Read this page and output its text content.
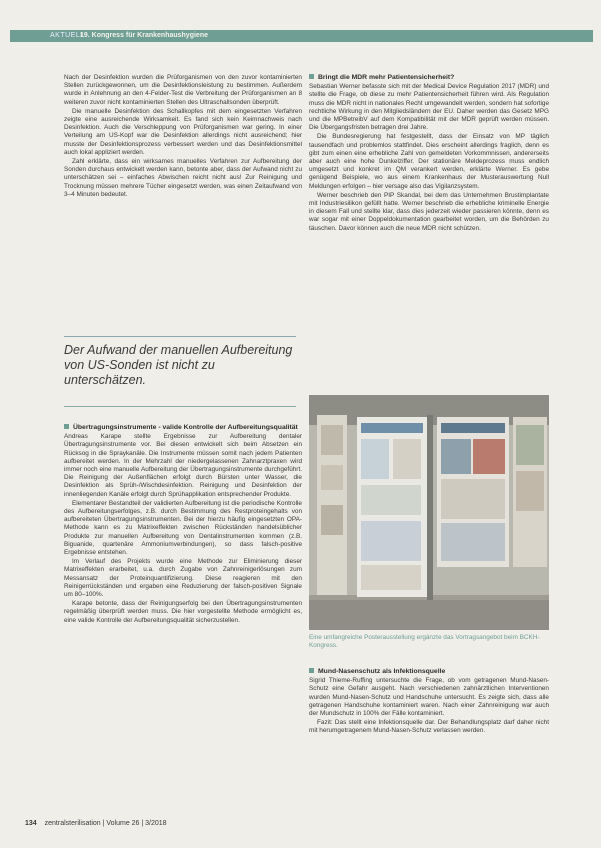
AKTUELL
19. Kongress für Krankenhaushygiene

Nach der Desinfektion wurden die Prüforganismen von den zuvor kontaminierten Stellen zurückgewonnen, um die Desinfektionsleistung zu bestimmen. Außerdem wurde in Anlehnung an den 4-Felder-Test die Verbreitung der Prüforganismen an 8 weiteren zuvor nicht kontaminierten Stellen des Ultraschallsonden überprüft.

Die manuelle Desinfektion des Schallkopfes mit dem eingesetzten Verfahren zeigte eine ausreichende Wirksamkeit. Es fand sich kein Keimnachweis nach Desinfektion. Auch die Verschleppung von Prüforganismen war gering. In einer Verteilung am US-Kopf war die Desinfektion allerdings nicht ausreichend; hier musste der Desinfektionsprozess verbessert werden und das Desinfektionsmittel auch lokal appliziert werden.

Zahl erklärte, dass ein wirksames manuelles Verfahren zur Aufbereitung der Sonden durchaus entwickelt werden kann, betonte aber, dass der Aufwand nicht zu unterschätzen sei – einfaches Abwischen reicht nicht aus! Zur Reinigung und Trocknung müssen mehrere Tücher eingesetzt werden, was einen Zeitaufwand von 3–4 Minuten bedeutet.

Der Aufwand der manuellen Aufbereitung von US-Sonden ist nicht zu unterschätzen.
Übertragungsinstrumente - valide Kontrolle der Aufbereitungsqualität

Andreas Karape stellte Ergebnisse zur Aufbereitung dentaler Übertragungsinstrumente vor. Bei diesen entwickelt sich beim Absetzen ein Rücksog in die Spraykanäle. Die Instrumente müssen somit nach jedem Patienten aufbereitet werden. In der Mehrzahl der niedergelassenen Zahnarztpraxen wird immer noch eine manuelle Aufbereitung der Übertragungsinstrumente durchgeführt. Die Reinigung der Außenflächen erfolgt durch Bürsten unter Wasser, die Desinfektion als Sprüh-/Wischdesinfektion. Reinigung und Desinfektion der innenliegenden Kanäle erfolgt durch Sprühapplikation entsprechender Produkte.

Elementarer Bestandteil der validierten Aufbereitung ist die periodische Kontrolle des Aufbereitungserfolges, z.B. durch Bestimmung des Restproteingehalts von aufbereiteten Übertragungsinstrumenten. Bei der hierzu häufig eingesetzten OPA-Methode kann es zu Matrixeffekten zwischen Rückständen handelsüblicher Produkte zur manuellen Aufbereitung von Dentalinstrumenten kommen (z.B. Biguanide, quartenäre Ammoniumverbindungen), so dass falsch-positive Ergebnisse entstehen.

Im Verlauf des Projekts wurde eine Methode zur Eliminierung dieser Matrixeffekten erarbeitet, u.a. durch Zugabe von Zahnreinigerlösungen zum Messansatz der Proteinquantifizierung. Diese reagieren mit den Reinigerrückständen und ergaben eine Reduzierung der falsch-positiven Signale um 80–100%.

Karape betonte, dass der Reinigungserfolg bei den Übertragungsinstrumenten regelmäßig überprüft werden muss. Die hier vorgestellte Methode ermöglicht es, eine valide Kontrolle der Aufbereitungsqualität sicherzustellen.

Bringt die MDR mehr Patientensicherheit?

Sebastian Werner befasste sich mit der Medical Device Regulation 2017 (MDR) und stellte die Frage, ob diese zu mehr Patientensicherheit führen wird. Als Regulation muss die MDR nicht in nationales Recht umgewandelt werden, sondern hat sofortige rechtliche Wirkung in den Mitgliedsländern der EU. Daher werden das Gesetz MPG und die MPBetreibV auf dem Kompatibilität mit der MDR geprüft werden müssen. Die Übergangsfristen betragen drei Jahre.

Die Bundesregierung hat festgestellt, dass der Einsatz von MP täglich tausendfach und problemlos stattfindet. Dies erscheint allerdings fraglich, denn es gibt zum einen eine erhebliche Zahl von gemeldeten Vorkommnissen, andererseits aber auch eine hohe Dunkelziffer. Der stationäre Meldeprozess muss endlich umgesetzt und konkret im QM verankert werden, erklärte Werner. Es gebe genügend Beispiele, wo aus einem Krankenhaus der Musterauswertung Null Meldungen erfolgen – hier versage also das Vigilanzsystem.

Werner beschrieb den PIP Skandal, bei dem das Unternehmen Brustimplantate mit Industriesilikon gefüllt hatte. Werner beschrieb die erhebliche kriminelle Energie in diesem Fall und stellte klar, dass dies jederzeit wieder passieren könnte, denn es war sogar mit einer Doppeldokumentation gearbeitet worden, um die Behörden zu täuschen. Davor können auch die neue MDR nicht schützen.

Eine umfangreiche Posterausstellung ergänzte das Vortragsangebot beim BCKH-Kongress.
Mund-Nasenschutz als Infektionsquelle

Sigrid Thieme-Ruffing untersuchte die Frage, ob vom getragenen Mund-Nasen-Schutz eine Gefahr ausgeht. Nach verschiedenen zahnärztlichen Interventionen wurden Mund-Nasen-Schutz und Handschuhe untersucht. Es zeigte sich, dass alle getragenen Handschuhe kontaminiert waren. Nach einer Zahnreinigung war auch der Mundschutz in 100% der Fälle kontaminiert.

Fazit: Das stellt eine Infektionsquelle dar. Der Behandlungsplatz darf daher nicht mit herumgetragenem Mund-Nasen-Schutz verlassen werden.

134 zentralsterilisation | Volume 26 | 3/2018
